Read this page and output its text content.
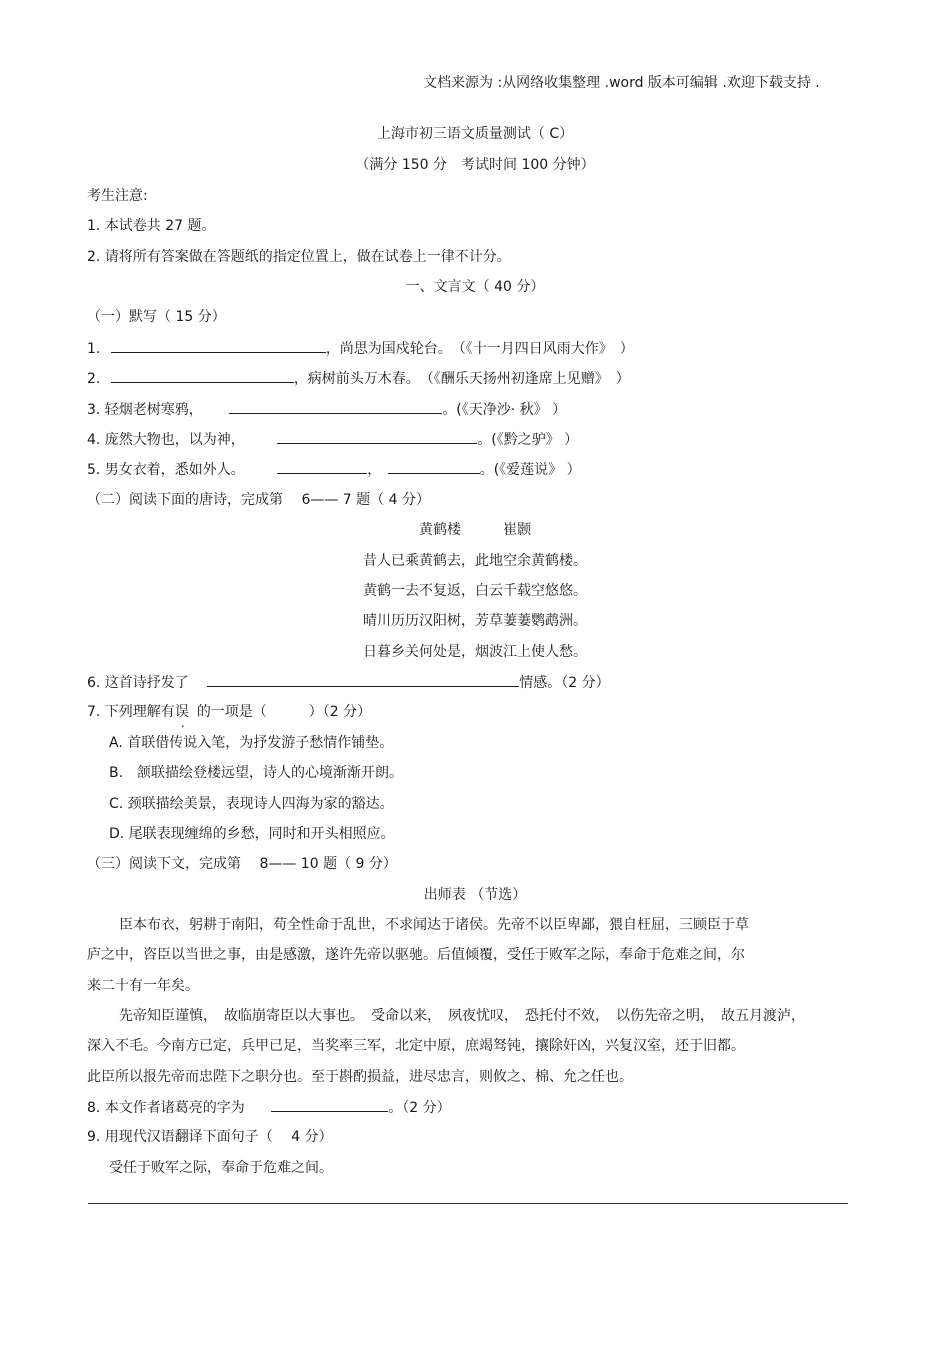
文档来源为 :从网络收集整理 .word 版本可编辑 .欢迎下载支持 .
上海市初三语文质量测试（ C）
（满分 150 分　考试时间 100 分钟）
考生注意:
1. 本试卷共 27 题。
2. 请将所有答案做在答题纸的指定位置上，做在试卷上一律不计分。
一、文言文（ 40 分）
（一）默写（ 15 分）
1.	，尚思为国戍轮台。　（《十一月四日风雨大作》　）
2.	，病树前头万木春。　（《酬乐天扬州初逢席上见赠》　）
3. 轻烟老树寒鸦，	。(《天净沙· 秋》 ）
4. 庞然大物也，以为神，	。(《黔之驴》 ）
5. 男女衣着，悉如外人。	，	。(《爱莲说》 ）
（二）阅读下面的唐诗，完成第　 6—— 7 题（ 4 分）
黄鹤楼　　　崔颢
昔人已乘黄鹤去，此地空余黄鹤楼。
黄鹤一去不复返，白云千载空悠悠。
晴川历历汉阳树，芳草萋萋鹦鹉洲。
日暮乡关何处是，烟波江上使人愁。
6. 这首诗抒发了	情感。（2 分）
7. 下列理解有误 的一项是（　　　）（2 分）
A. 首联借传说入笔，为抒发游子愁情作铺垫。
B.　颔联描绘登楼远望，诗人的心境渐渐开朗。
C. 颈联描绘美景，表现诗人四海为家的豁达。
D. 尾联表现缠绵的乡愁，同时和开头相照应。
（三）阅读下文，完成第　 8—— 10 题（ 9 分）
出师表 （节选）
臣本布衣，躬耕于南阳，苟全性命于乱世，不求闻达于诸侯。先帝不以臣卑鄙，猥自枉屈，三顾臣于草
庐之中，咨臣以当世之事，由是感激，遂许先帝以驱驰。后值倾覆，受任于败军之际，奉命于危难之间，尔
来二十有一年矣。
先帝知臣谨慎，　故临崩寄臣以大事也。　受命以来，　夙夜忧叹，　恐托付不效，　以伤先帝之明，　故五月渡泸，
深入不毛。今南方已定，兵甲已足，当奖率三军，北定中原，庶竭驽钝，攘除奸凶，兴复汉室，还于旧都。
此臣所以报先帝而忠陛下之职分也。至于斟酌损益，进尽忠言，则攸之、棉、允之任也。
8. 本文作者诸葛亮的字为	。（2 分）
9. 用现代汉语翻译下面句子（　 4 分）
受任于败军之际，奉命于危难之间。
